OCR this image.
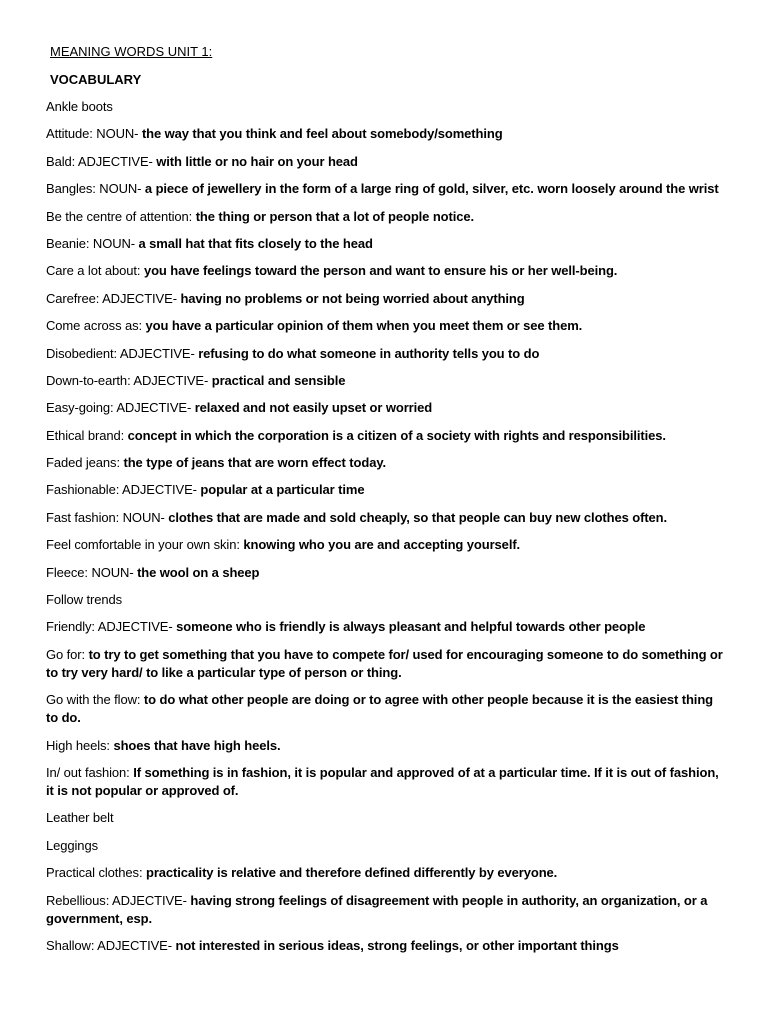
MEANING WORDS UNIT 1:
VOCABULARY
Ankle boots
Attitude: NOUN- the way that you think and feel about somebody/something
Bald: ADJECTIVE- with little or no hair on your head
Bangles: NOUN- a piece of jewellery in the form of a large ring of gold, silver, etc. worn loosely around the wrist
Be the centre of attention: the thing or person that a lot of people notice.
Beanie: NOUN- a small hat that fits closely to the head
Care a lot about: you have feelings toward the person and want to ensure his or her well-being.
Carefree: ADJECTIVE- having no problems or not being worried about anything
Come across as: you have a particular opinion of them when you meet them or see them.
Disobedient: ADJECTIVE- refusing to do what someone in authority tells you to do
Down-to-earth: ADJECTIVE- practical and sensible
Easy-going: ADJECTIVE- relaxed and not easily upset or worried
Ethical brand: concept in which the corporation is a citizen of a society with rights and responsibilities.
Faded jeans: the type of jeans that are worn effect today.
Fashionable: ADJECTIVE- popular at a particular time
Fast fashion: NOUN- clothes that are made and sold cheaply, so that people can buy new clothes often.
Feel comfortable in your own skin: knowing who you are and accepting yourself.
Fleece: NOUN- the wool on a sheep
Follow trends
Friendly: ADJECTIVE- someone who is friendly is always pleasant and helpful towards other people
Go for: to try to get something that you have to compete for/ used for encouraging someone to do something or to try very hard/ to like a particular type of person or thing.
Go with the flow: to do what other people are doing or to agree with other people because it is the easiest thing to do.
High heels: shoes that have high heels.
In/ out fashion: If something is in fashion, it is popular and approved of at a particular time. If it is out of fashion, it is not popular or approved of.
Leather belt
Leggings
Practical clothes: practicality is relative and therefore defined differently by everyone.
Rebellious: ADJECTIVE- having strong feelings of disagreement with people in authority, an organization, or a government, esp.
Shallow: ADJECTIVE- not interested in serious ideas, strong feelings, or other important things
